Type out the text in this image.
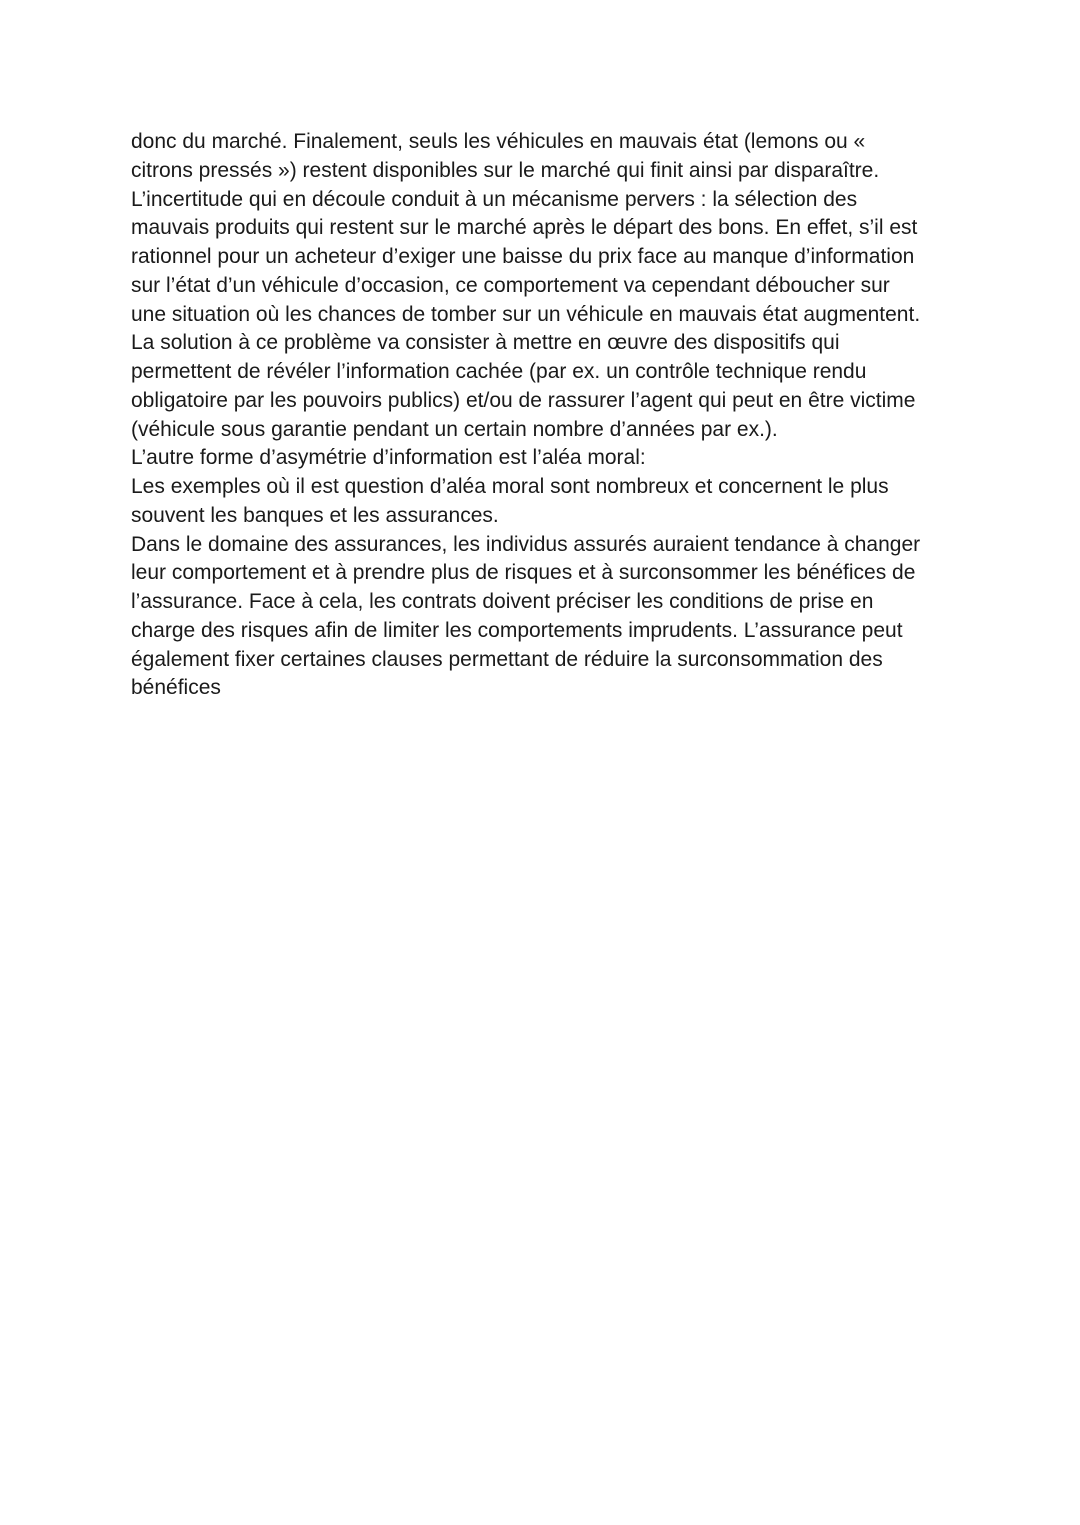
donc du marché. Finalement, seuls les véhicules en mauvais état (lemons ou «
citrons pressés ») restent disponibles sur le marché qui finit ainsi par disparaître.
L’incertitude qui en découle conduit à un mécanisme pervers : la sélection des
mauvais produits qui restent sur le marché après le départ des bons. En effet, s’il est
rationnel pour un acheteur d’exiger une baisse du prix face au manque d’information
sur l’état d’un véhicule d’occasion, ce comportement va cependant déboucher sur
une situation où les chances de tomber sur un véhicule en mauvais état augmentent.
La solution à ce problème va consister à mettre en œuvre des dispositifs qui
permettent de révéler l’information cachée (par ex. un contrôle technique rendu
obligatoire par les pouvoirs publics) et/ou de rassurer l’agent qui peut en être victime
(véhicule sous garantie pendant un certain nombre d’années par ex.).
L’autre forme d’asymétrie d’information est l’aléa moral:
Les exemples où il est question d’aléa moral sont nombreux et concernent le plus
souvent les banques et les assurances.
Dans le domaine des assurances, les individus assurés auraient tendance à changer
leur comportement et à prendre plus de risques et à surconsommer les bénéfices de
l’assurance. Face à cela, les contrats doivent préciser les conditions de prise en
charge des risques afin de limiter les comportements imprudents. L’assurance peut
également fixer certaines clauses permettant de réduire la surconsommation des
bénéfices
